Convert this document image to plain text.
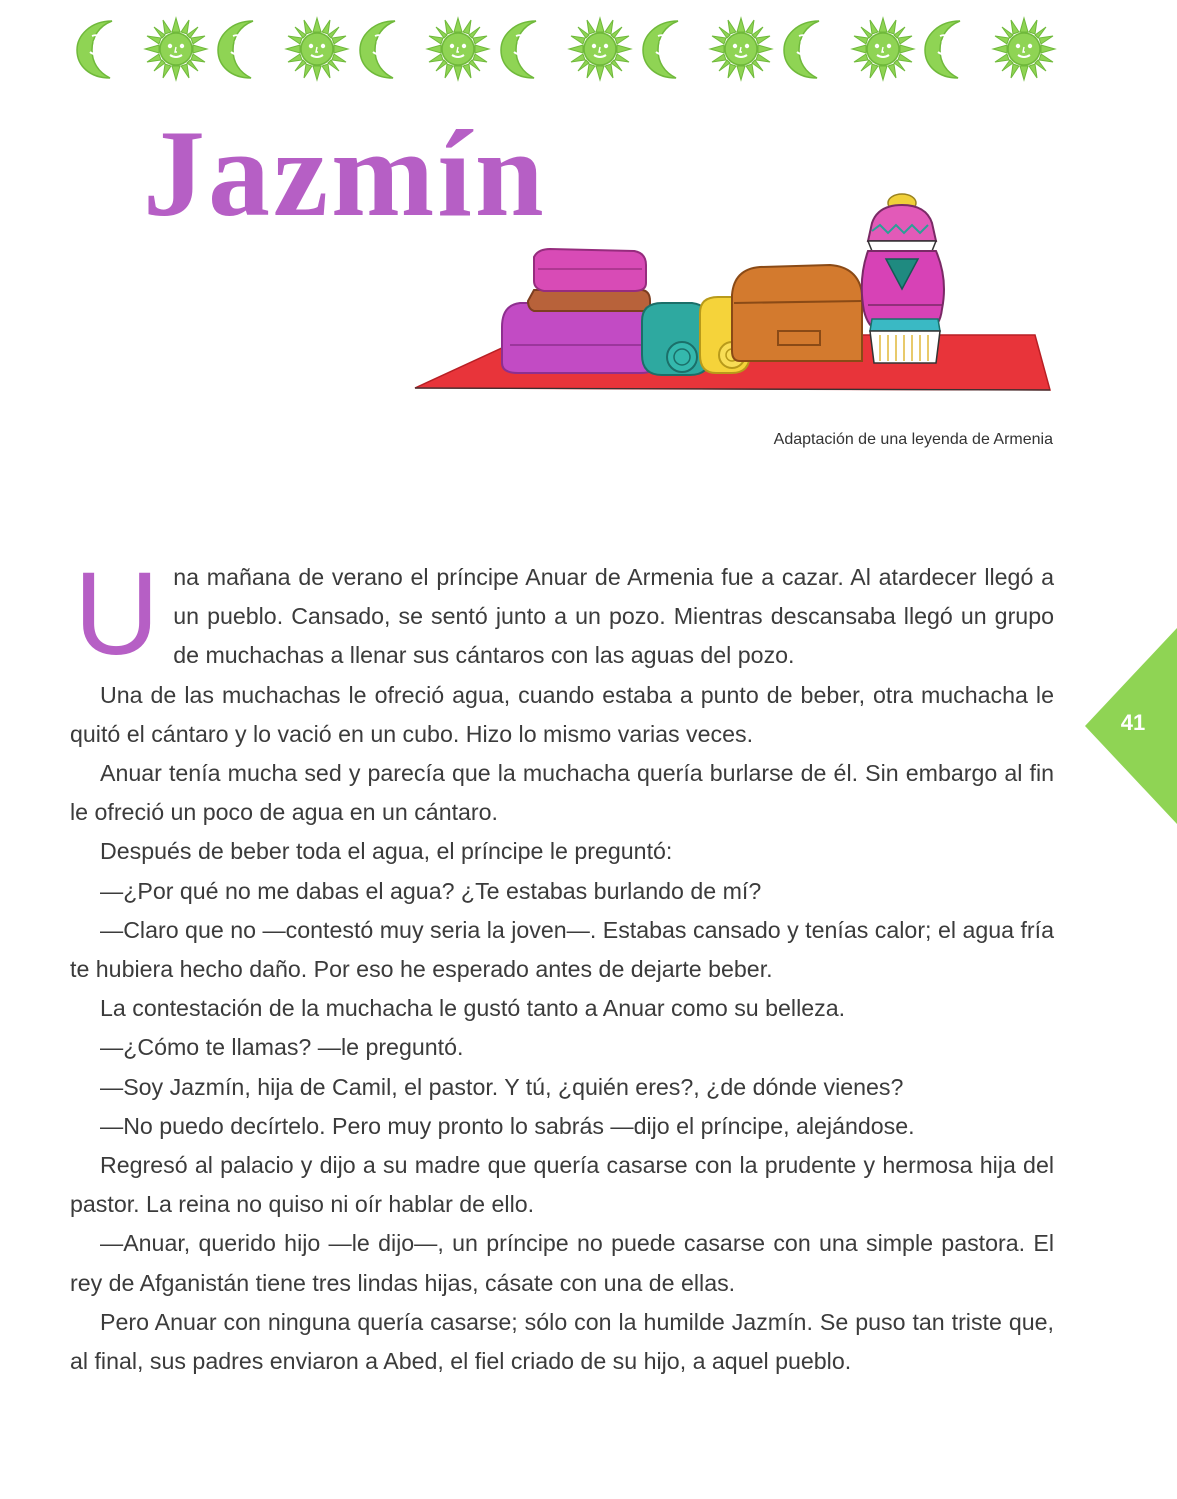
Jazmín
Adaptación de una leyenda de Armenia
41

Una mañana de verano el príncipe Anuar de Armenia fue a cazar. Al atardecer llegó a un pueblo. Cansado, se sentó junto a un pozo. Mientras descansaba llegó un grupo de muchachas a llenar sus cántaros con las aguas del pozo.

Una de las muchachas le ofreció agua, cuando estaba a punto de beber, otra muchacha le quitó el cántaro y lo vació en un cubo. Hizo lo mismo varias veces.

Anuar tenía mucha sed y parecía que la muchacha quería burlarse de él. Sin embargo al fin le ofreció un poco de agua en un cántaro.

Después de beber toda el agua, el príncipe le preguntó:

—¿Por qué no me dabas el agua? ¿Te estabas burlando de mí?

—Claro que no —contestó muy seria la joven—. Estabas cansado y tenías calor; el agua fría te hubiera hecho daño. Por eso he esperado antes de dejarte beber.

La contestación de la muchacha le gustó tanto a Anuar como su belleza.

—¿Cómo te llamas? —le preguntó.

—Soy Jazmín, hija de Camil, el pastor. Y tú, ¿quién eres?, ¿de dónde vienes?

—No puedo decírtelo. Pero muy pronto lo sabrás —dijo el príncipe, alejándose.

Regresó al palacio y dijo a su madre que quería casarse con la prudente y hermosa hija del pastor. La reina no quiso ni oír hablar de ello.

—Anuar, querido hijo —le dijo—, un príncipe no puede casarse con una simple pastora. El rey de Afganistán tiene tres lindas hijas, cásate con una de ellas.

Pero Anuar con ninguna quería casarse; sólo con la humilde Jazmín. Se puso tan triste que, al final, sus padres enviaron a Abed, el fiel criado de su hijo, a aquel pueblo.
